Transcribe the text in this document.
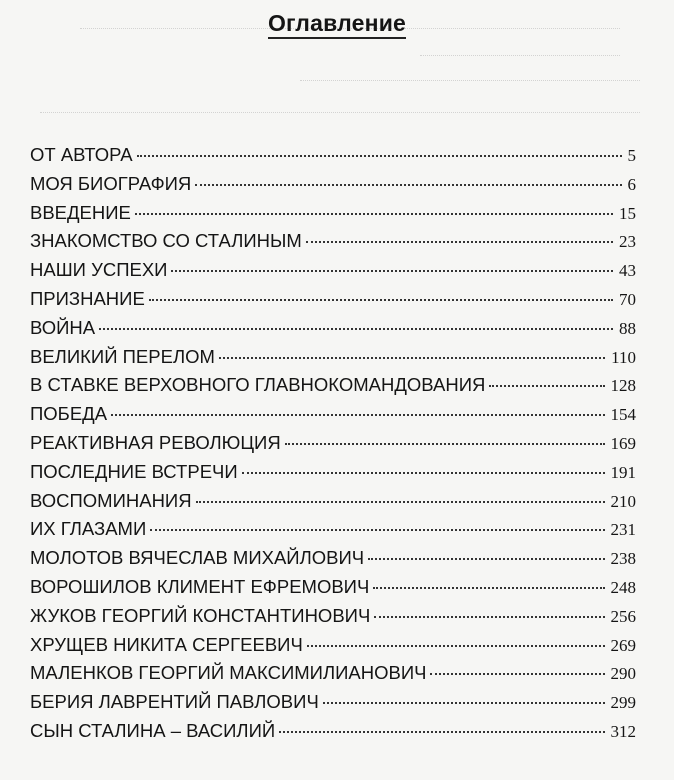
Оглавление
ОТ АВТОРА	5
МОЯ БИОГРАФИЯ	6
ВВЕДЕНИЕ	15
ЗНАКОМСТВО СО СТАЛИНЫМ	23
НАШИ УСПЕХИ	43
ПРИЗНАНИЕ	70
ВОЙНА	88
ВЕЛИКИЙ ПЕРЕЛОМ	110
В СТАВКЕ ВЕРХОВНОГО ГЛАВНОКОМАНДОВАНИЯ	128
ПОБЕДА	154
РЕАКТИВНАЯ РЕВОЛЮЦИЯ	169
ПОСЛЕДНИЕ ВСТРЕЧИ	191
ВОСПОМИНАНИЯ	210
ИХ ГЛАЗАМИ	231
МОЛОТОВ ВЯЧЕСЛАВ МИХАЙЛОВИЧ	238
ВОРОШИЛОВ КЛИМЕНТ ЕФРЕМОВИЧ	248
ЖУКОВ ГЕОРГИЙ КОНСТАНТИНОВИЧ	256
ХРУЩЕВ НИКИТА СЕРГЕЕВИЧ	269
МАЛЕНКОВ ГЕОРГИЙ МАКСИМИЛИАНОВИЧ	290
БЕРИЯ ЛАВРЕНТИЙ ПАВЛОВИЧ	299
СЫН СТАЛИНА – ВАСИЛИЙ	312
